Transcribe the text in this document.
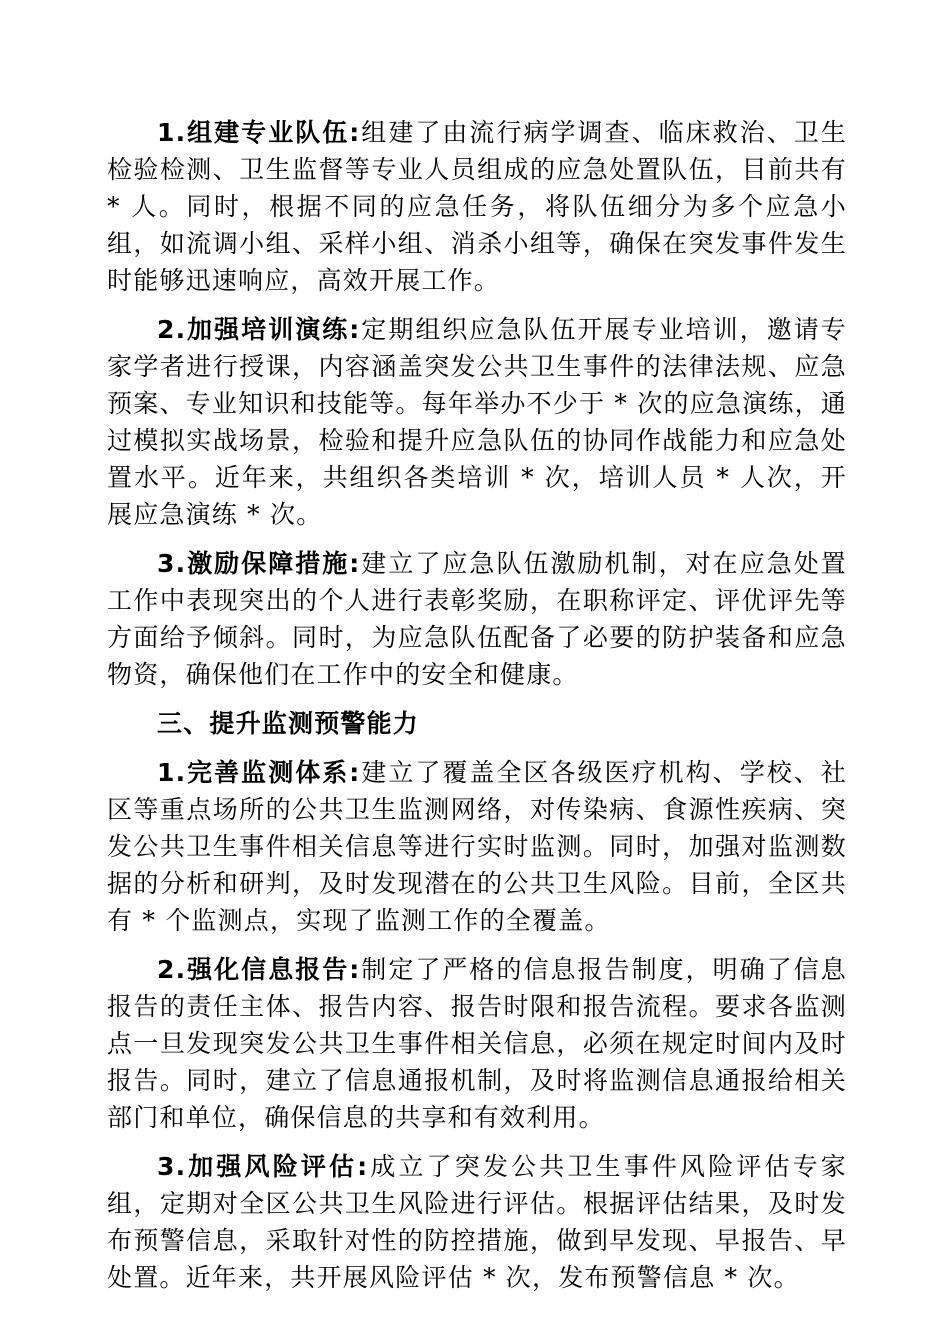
1.组建专业队伍:组建了由流行病学调查、临床救治、卫生检验检测、卫生监督等专业人员组成的应急处置队伍，目前共有 * 人。同时，根据不同的应急任务，将队伍细分为多个应急小组，如流调小组、采样小组、消杀小组等，确保在突发事件发生时能够迅速响应，高效开展工作。

2.加强培训演练:定期组织应急队伍开展专业培训，邀请专家学者进行授课，内容涵盖突发公共卫生事件的法律法规、应急预案、专业知识和技能等。每年举办不少于 * 次的应急演练，通过模拟实战场景，检验和提升应急队伍的协同作战能力和应急处置水平。近年来，共组织各类培训 * 次，培训人员 * 人次，开展应急演练 * 次。

3.激励保障措施:建立了应急队伍激励机制，对在应急处置工作中表现突出的个人进行表彰奖励，在职称评定、评优评先等方面给予倾斜。同时，为应急队伍配备了必要的防护装备和应急物资，确保他们在工作中的安全和健康。

三、提升监测预警能力

1.完善监测体系:建立了覆盖全区各级医疗机构、学校、社区等重点场所的公共卫生监测网络，对传染病、食源性疾病、突发公共卫生事件相关信息等进行实时监测。同时，加强对监测数据的分析和研判，及时发现潜在的公共卫生风险。目前，全区共有 * 个监测点，实现了监测工作的全覆盖。

2.强化信息报告:制定了严格的信息报告制度，明确了信息报告的责任主体、报告内容、报告时限和报告流程。要求各监测点一旦发现突发公共卫生事件相关信息，必须在规定时间内及时报告。同时，建立了信息通报机制，及时将监测信息通报给相关部门和单位，确保信息的共享和有效利用。

3.加强风险评估:成立了突发公共卫生事件风险评估专家组，定期对全区公共卫生风险进行评估。根据评估结果，及时发布预警信息，采取针对性的防控措施，做到早发现、早报告、早处置。近年来，共开展风险评估 * 次，发布预警信息 * 次。
